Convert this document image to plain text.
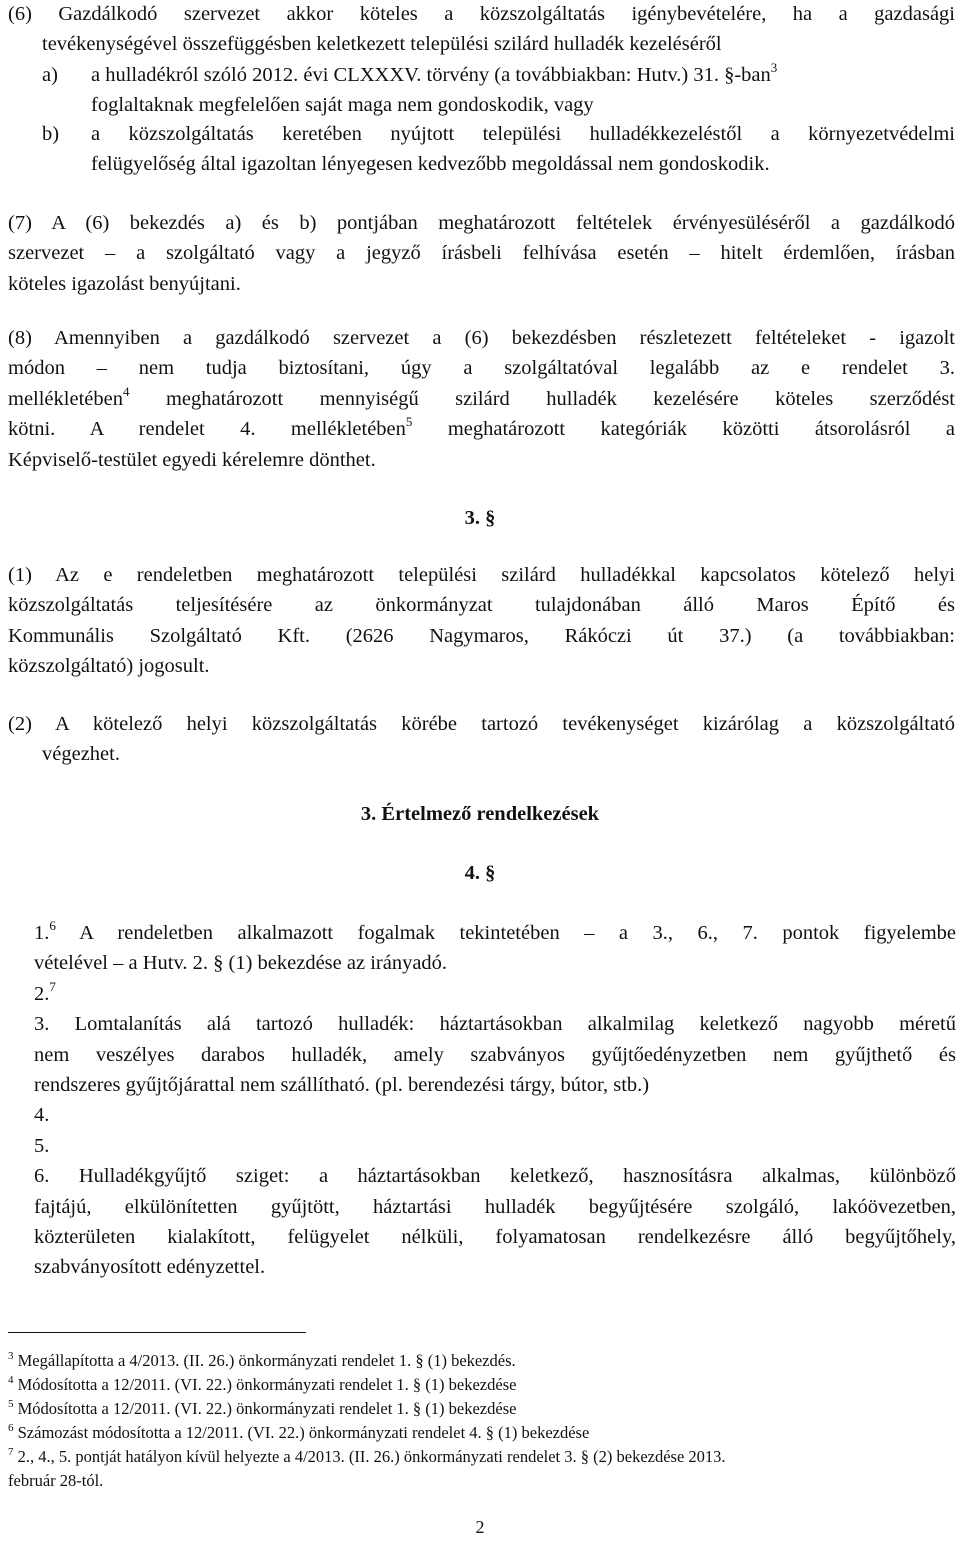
(6) Gazdálkodó szervezet akkor köteles a közszolgáltatás igénybevételére, ha a gazdasági
tevékenységével összefüggésben keletkezett települési szilárd hulladék kezeléséről
a) a hulladékról szóló 2012. évi CLXXXV. törvény (a továbbiakban: Hutv.) 31. §-ban$^3$
foglaltaknak megfelelően saját maga nem gondoskodik, vagy
b) a közszolgáltatás keretében nyújtott települési hulladékkezeléstől a környezetvédelmi
felügyelőség által igazoltan lényegesen kedvezőbb megoldással nem gondoskodik.
(7) A (6) bekezdés a) és b) pontjában meghatározott feltételek érvényesüléséről a gazdálkodó
szervezet – a szolgáltató vagy a jegyző írásbeli felhívása esetén – hitelt érdemlően, írásban
köteles igazolást benyújtani.
(8) Amennyiben a gazdálkodó szervezet a (6) bekezdésben részletezett feltételeket - igazolt
módon – nem tudja biztosítani, úgy a szolgáltatóval legalább az e rendelet 3.
mellékletében$^4$ meghatározott mennyiségű szilárd hulladék kezelésére köteles szerződést
kötni. A rendelet 4. mellékletében$^5$ meghatározott kategóriák közötti átsorolásról a
Képviselő-testület egyedi kérelemre dönthet.
3. §
(1) Az e rendeletben meghatározott települési szilárd hulladékkal kapcsolatos kötelező helyi
közszolgáltatás teljesítésére az önkormányzat tulajdonában álló Maros Építő és
Kommunális Szolgáltató Kft. (2626 Nagymaros, Rákóczi út 37.) (a továbbiakban:
közszolgáltató) jogosult.
(2) A kötelező helyi közszolgáltatás körébe tartozó tevékenységet kizárólag a közszolgáltató
végezhet.
3. Értelmező rendelkezések
4. §
1.$^6$ A rendeletben alkalmazott fogalmak tekintetében – a 3., 6., 7. pontok figyelembe
vételével – a Hutv. 2. § (1) bekezdése az irányadó.
2.$^7$
3. Lomtalanítás alá tartozó hulladék: háztartásokban alkalmilag keletkező nagyobb méretű
nem veszélyes darabos hulladék, amely szabványos gyűjtőedényzetben nem gyűjthető és
rendszeres gyűjtőjárattal nem szállítható. (pl. berendezési tárgy, bútor, stb.)
4.
5.
6. Hulladékgyűjtő sziget: a háztartásokban keletkező, hasznosításra alkalmas, különböző
fajtájú, elkülönítetten gyűjtött, háztartási hulladék begyűjtésére szolgáló, lakóövezetben,
közterületen kialakított, felügyelet nélküli, folyamatosan rendelkezésre álló begyűjtőhely,
szabványosított edényzettel.
$^3$ Megállapította a 4/2013. (II. 26.) önkormányzati rendelet 1. § (1) bekezdés.
$^4$ Módosította a 12/2011. (VI. 22.) önkormányzati rendelet 1. § (1) bekezdése
$^5$ Módosította a 12/2011. (VI. 22.) önkormányzati rendelet 1. § (1) bekezdése
$^6$ Számozást módosította a 12/2011. (VI. 22.) önkormányzati rendelet 4. § (1) bekezdése
$^7$ 2., 4., 5. pontját hatályon kívül helyezte a 4/2013. (II. 26.) önkormányzati rendelet 3. § (2) bekezdése 2013.
február 28-tól.
2
